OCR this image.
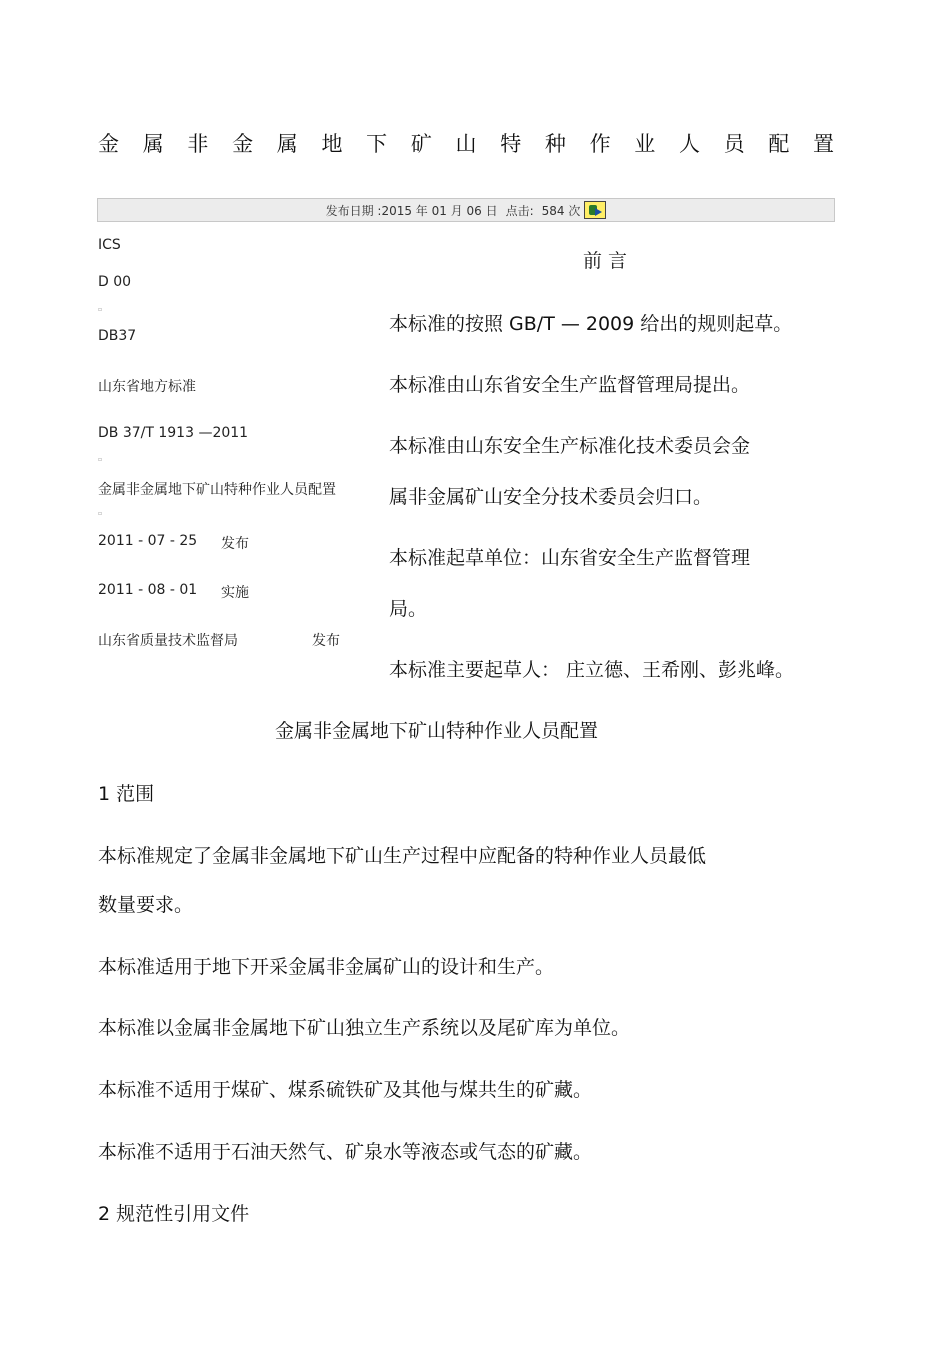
金 属 非 金 属 地 下 矿 山 特 种 作 业 人 员 配 置
发布日期 :2015 年 01 月 06 日 点击: 584 次
ICS
D 00
▫
DB37
山东省地方标准
DB 37/T 1913 —2011
▫
金属非金属地下矿山特种作业人员配置
▫
2011 - 07 - 25 发布
2011 - 08 - 01 实施
山东省质量技术监督局	发布
前 言
本标准的按照 GB/T — 2009 给出的规则起草。
本标准由山东省安全生产监督管理局提出。
本标准由山东安全生产标准化技术委员会金
属非金属矿山安全分技术委员会归口。
本标准起草单位：山东省安全生产监督管理
局。
本标准主要起草人： 庄立德、王希刚、彭兆峰。
金属非金属地下矿山特种作业人员配置
1 范围
本标准规定了金属非金属地下矿山生产过程中应配备的特种作业人员最低
数量要求。
本标准适用于地下开采金属非金属矿山的设计和生产。
本标准以金属非金属地下矿山独立生产系统以及尾矿库为单位。
本标准不适用于煤矿、煤系硫铁矿及其他与煤共生的矿藏。
本标准不适用于石油天然气、矿泉水等液态或气态的矿藏。
2 规范性引用文件
